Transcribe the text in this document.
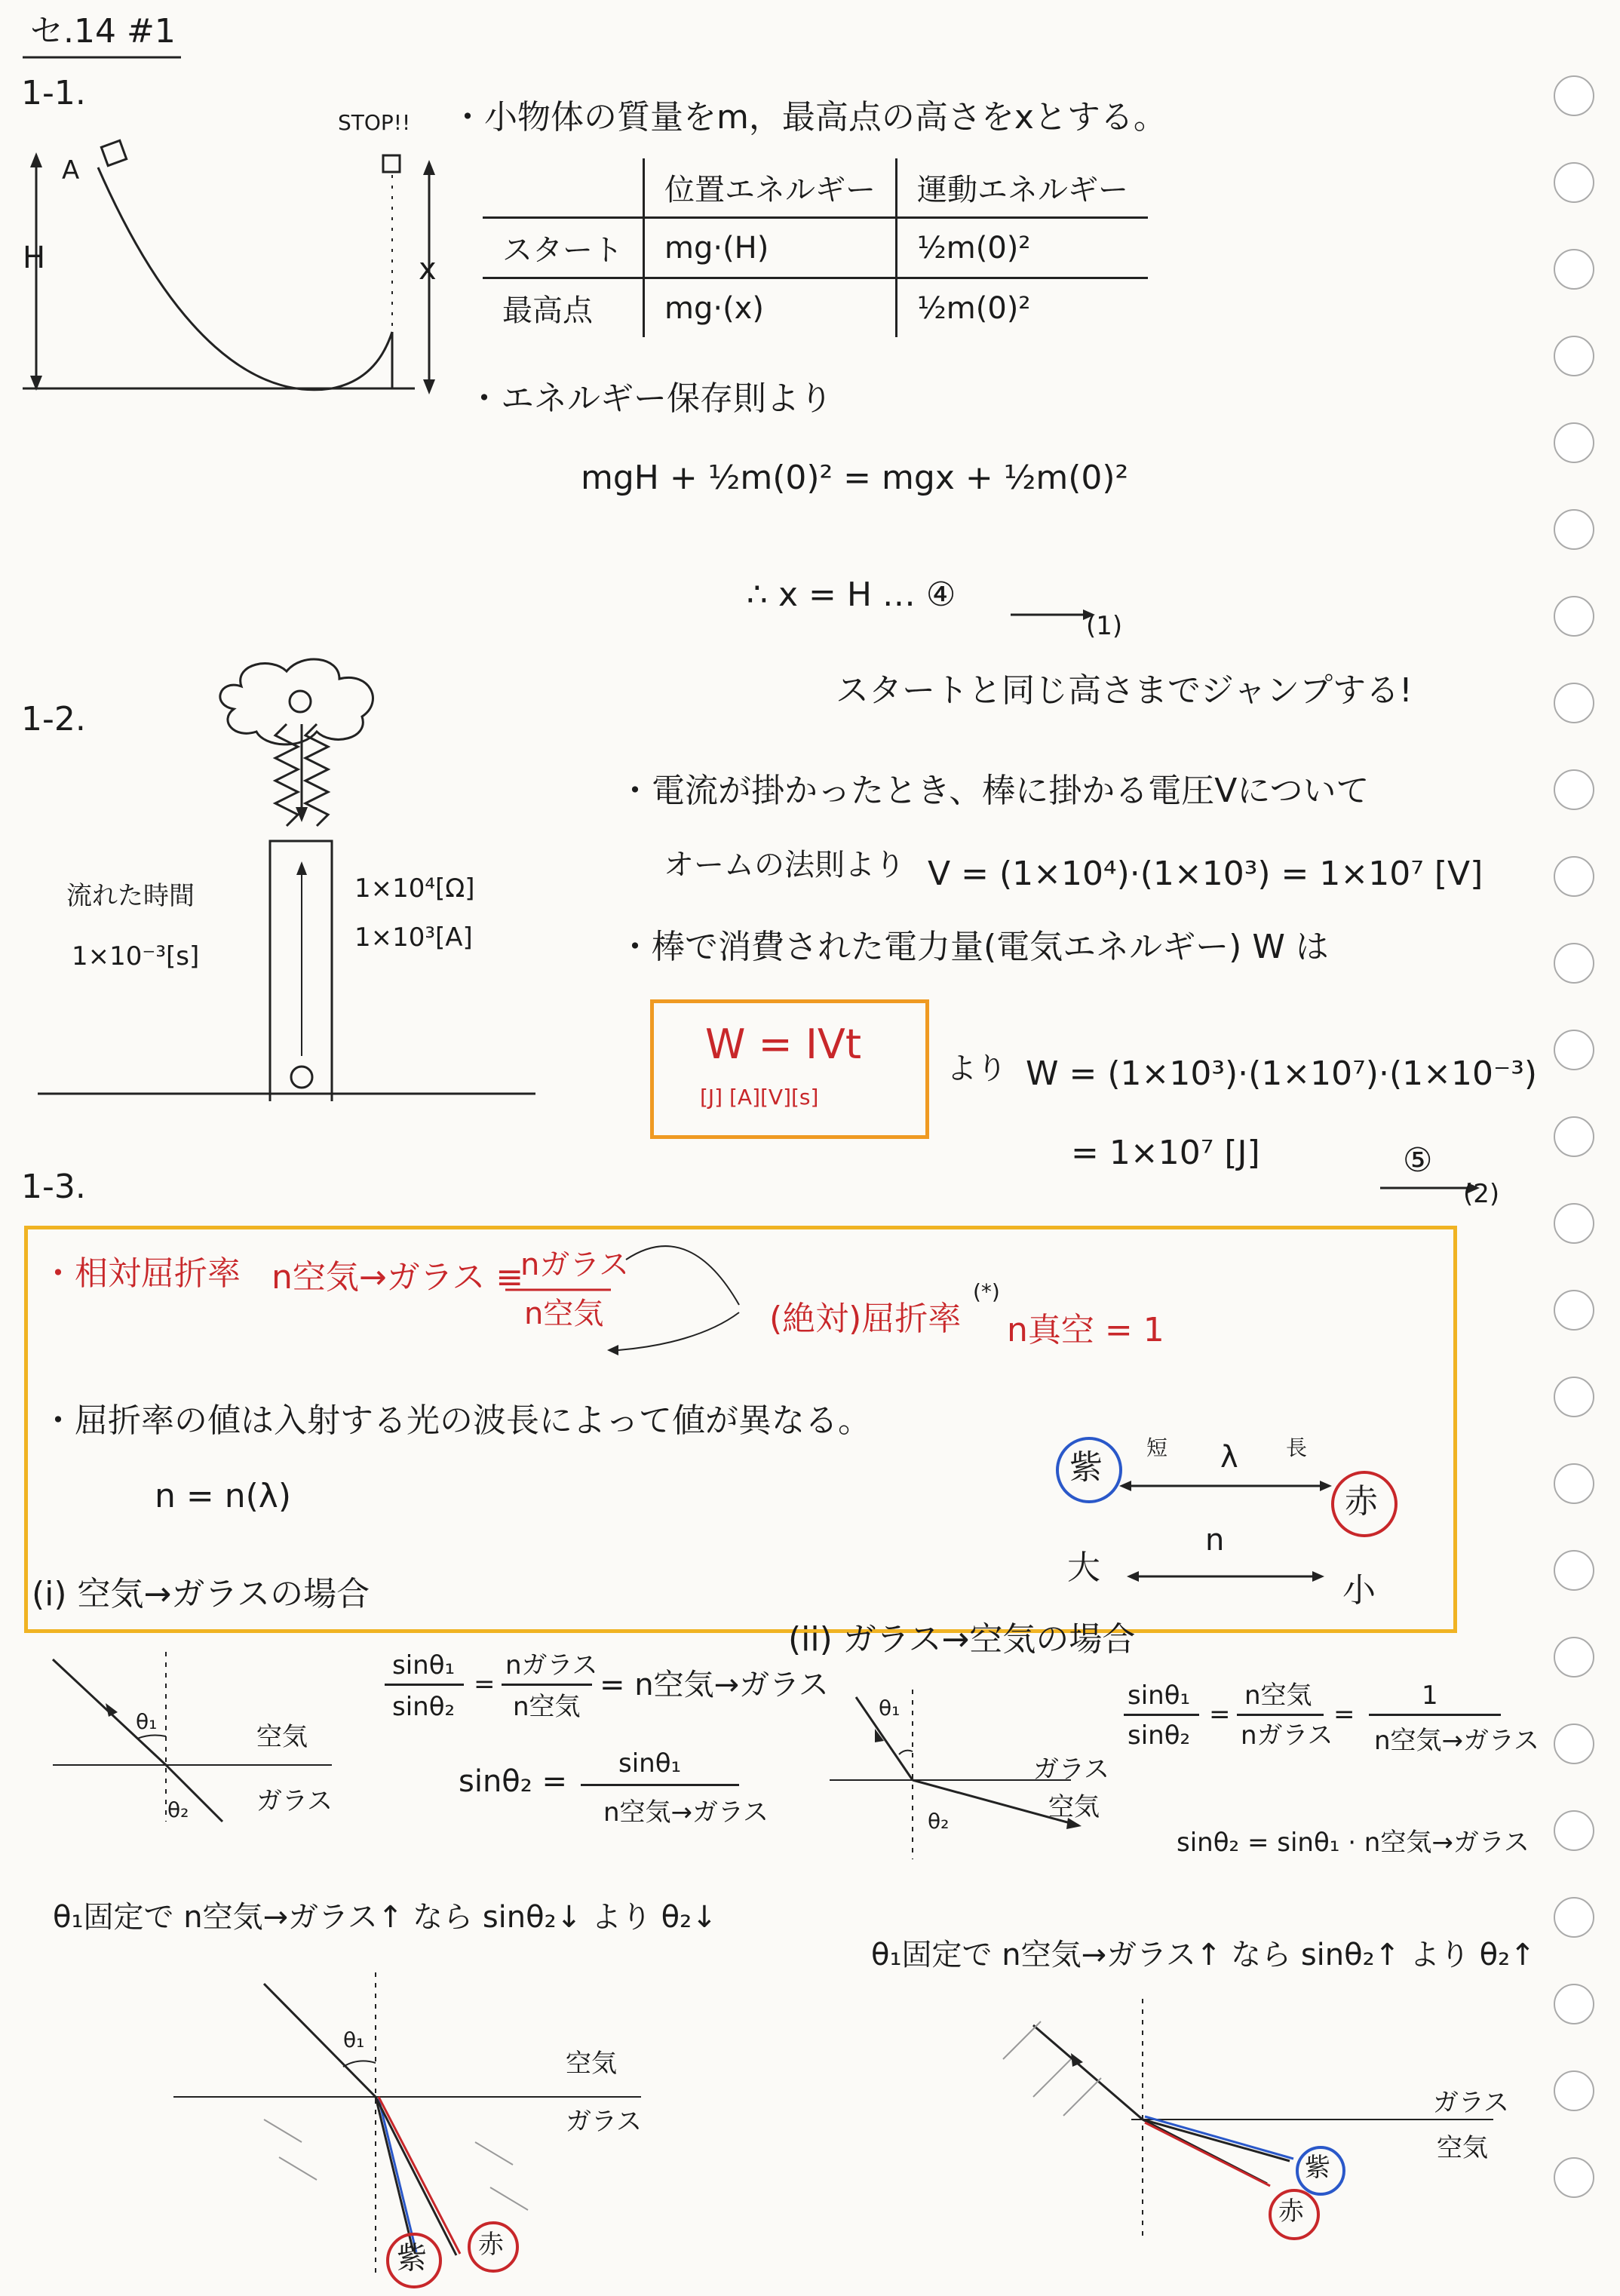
セ.14 #1
1-1.
A
H
STOP!!
x
・小物体の質量をm，最高点の高さをxとする。
	位置エネルギー	運動エネルギー
スタート	mg·(H)	½m(0)²
最高点	mg·(x)	½m(0)²
・エネルギー保存則より
mgH + ½m(0)² = mgx + ½m(0)²
∴ x = H … ④
(1)
スタートと同じ高さまでジャンプする!
1-2.
流れた時間
1×10⁻³[s]
1×10⁴[Ω]
1×10³[A]
・電流が掛かったとき、棒に掛かる電圧Vについて
オームの法則より V = (1×10⁴)·(1×10³) = 1×10⁷ [V]
・棒で消費された電力量(電気エネルギー) W は
W = IVt
[J] [A][V][s]
より W = (1×10³)·(1×10⁷)·(1×10⁻³)
= 1×10⁷ [J]	⑤
(2)
1-3.
・相対屈折率 n空気→ガラス ≡
nガラス
n空気	(絶対)屈折率
(*)
n真空 = 1
・屈折率の値は入射する光の波長によって値が異なる。
n = n(λ)
紫
赤
短 λ 長
n
大
小
(i) 空気→ガラスの場合
θ₁
θ₂
空気
ガラス
sinθ₁
sinθ₂
=
nガラス
n空気
= n空気→ガラス
sinθ₂ =
sinθ₁
n空気→ガラス
θ₁固定で n空気→ガラス↑ なら sinθ₂↓ より θ₂↓
θ₁
空気
ガラス
紫 赤
(ii) ガラス→空気の場合
θ₁
θ₂
ガラス
空気
sinθ₁
sinθ₂
=
n空気
nガラス
=
1
n空気→ガラス
sinθ₂ = sinθ₁ · n空気→ガラス
θ₁固定で n空気→ガラス↑ なら sinθ₂↑ より θ₂↑
ガラス
空気
紫
赤
